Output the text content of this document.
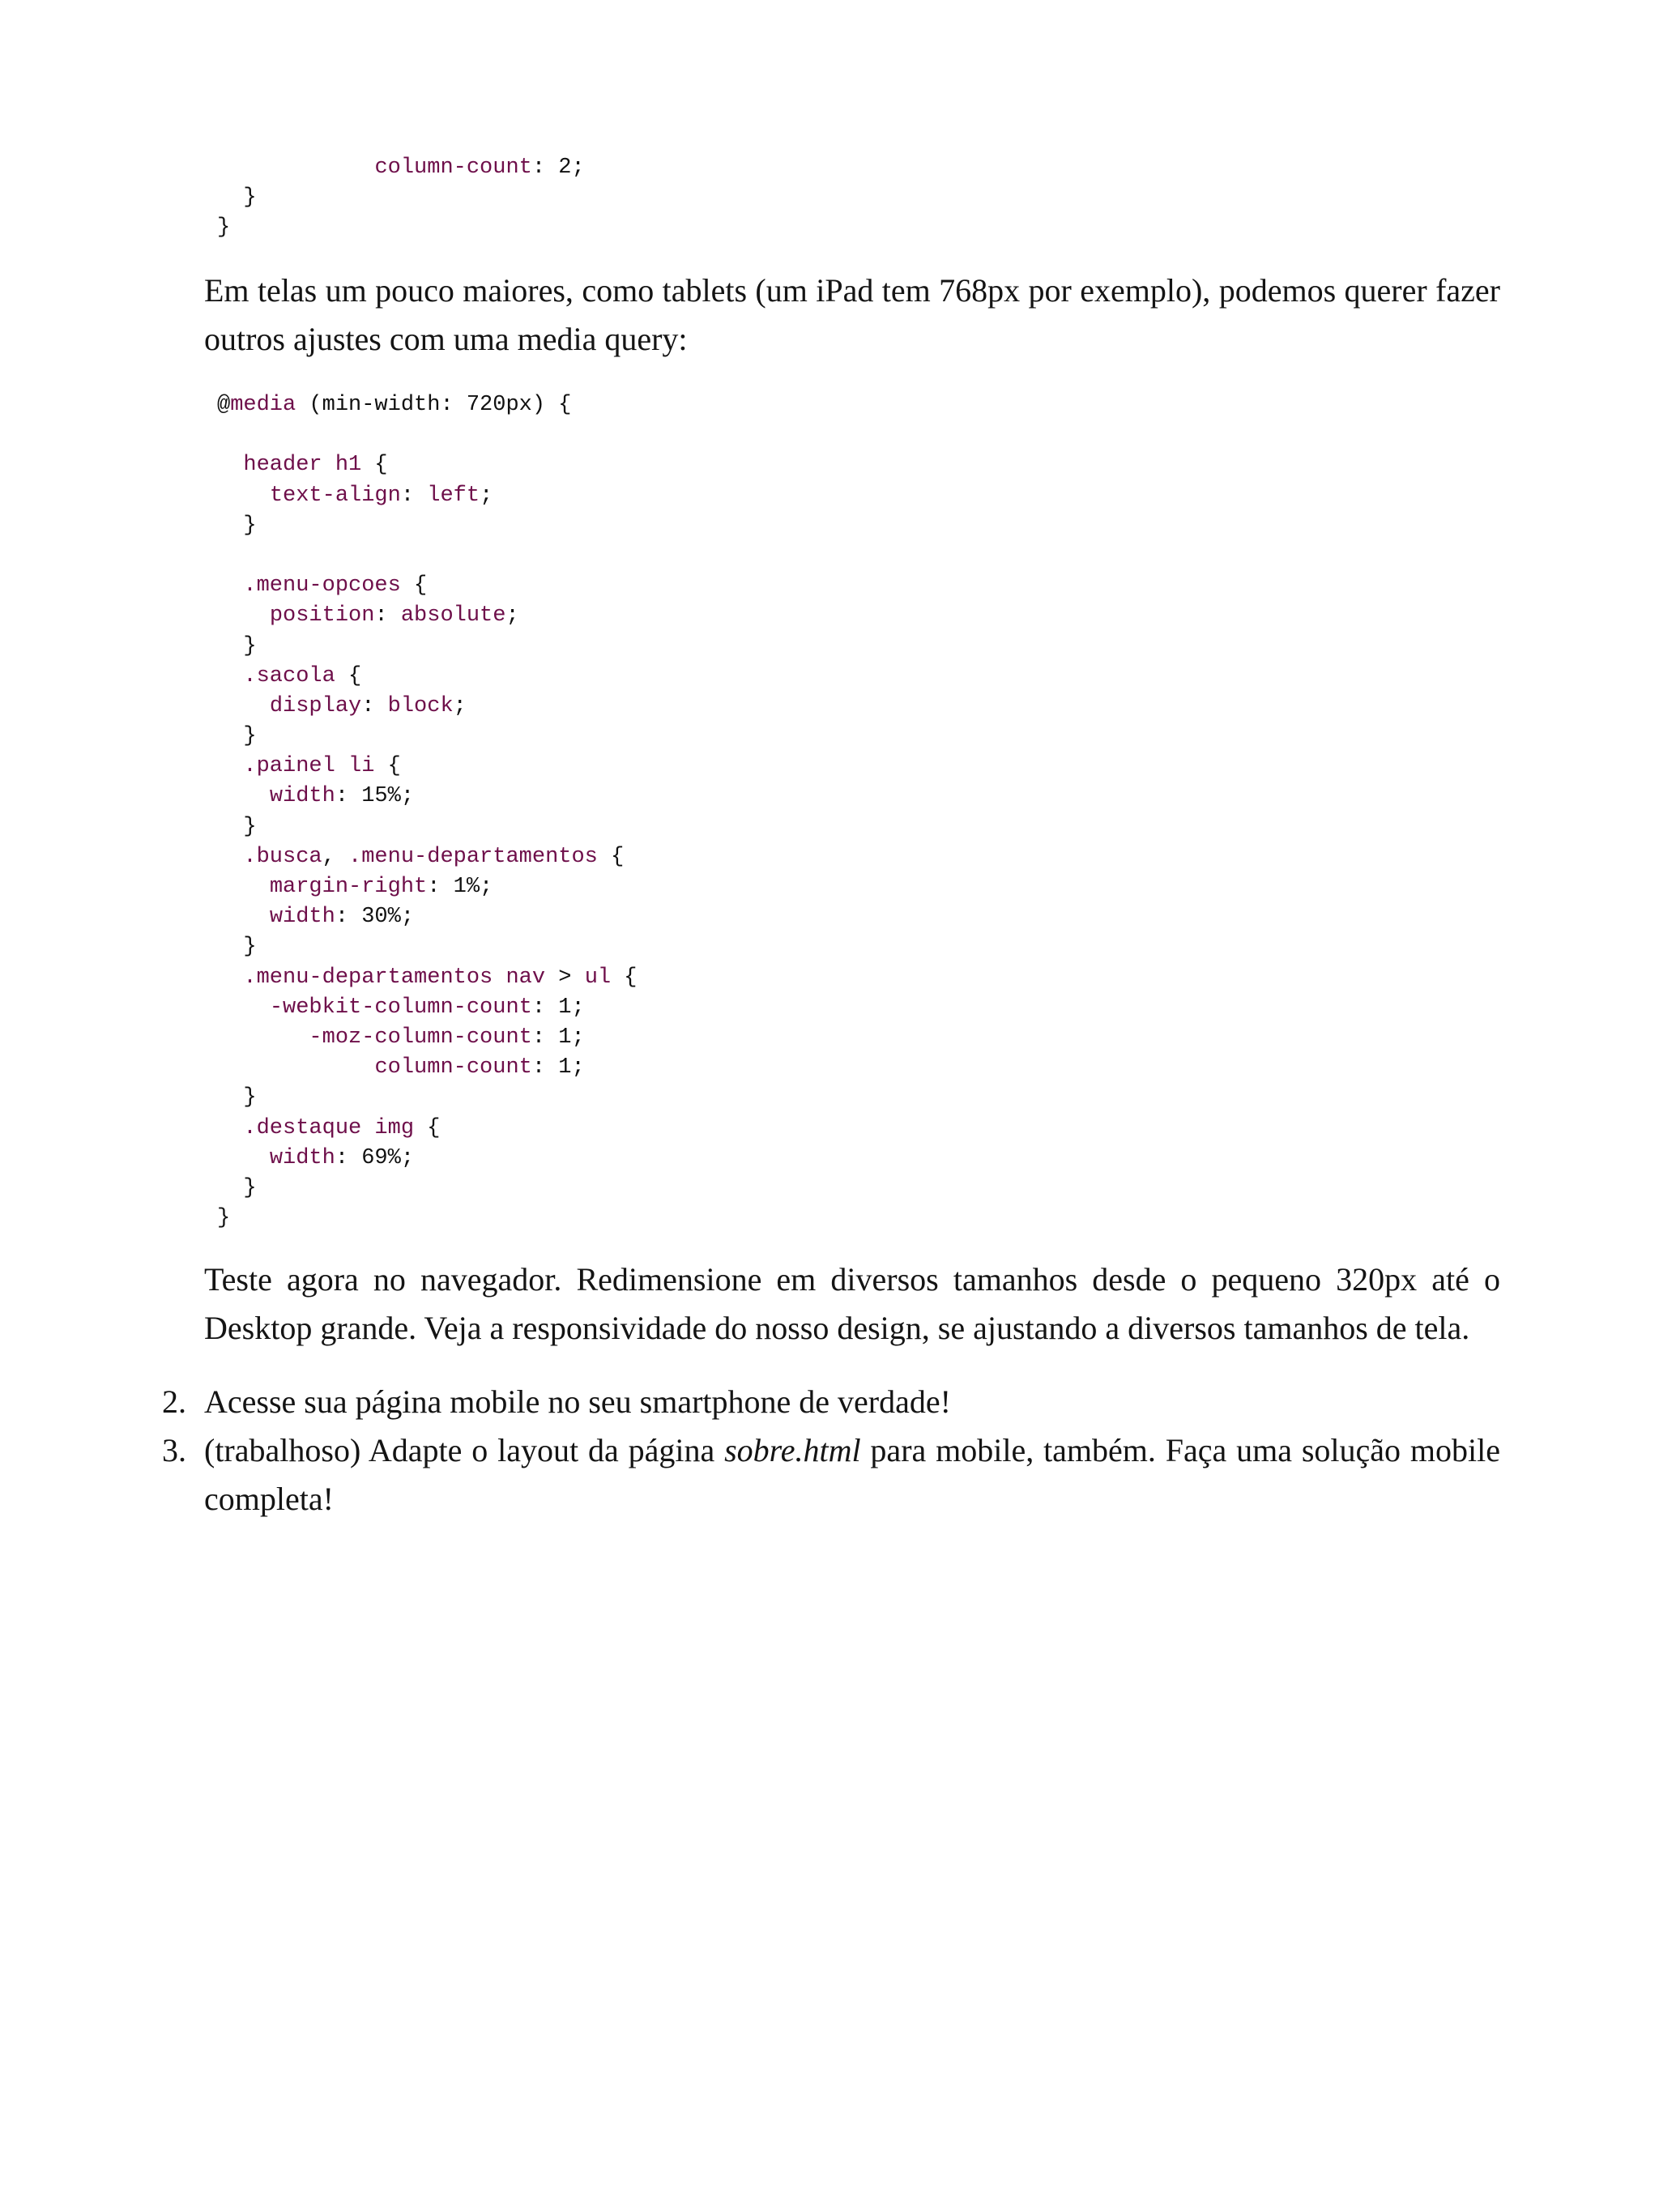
column-count: 2;
}
}

Em telas um pouco maiores, como tablets (um iPad tem 768px por exemplo), podemos querer fazer outros ajustes com uma media query:

@media (min-width: 720px) {
header h1 {
text-align: left;
}
.menu-opcoes {
position: absolute;
}
.sacola {
display: block;
}
.painel li {
width: 15%;
}
.busca, .menu-departamentos {
margin-right: 1%;
width: 30%;
}
.menu-departamentos nav > ul {
-webkit-column-count: 1;
-moz-column-count: 1;
column-count: 1;
}
.destaque img {
width: 69%;
}
}

Teste agora no navegador. Redimensione em diversos tamanhos desde o pequeno 320px até o Desktop grande. Veja a responsividade do nosso design, se ajustando a diversos tamanhos de tela.

2. Acesse sua página mobile no seu smartphone de verdade!
3. (trabalhoso) Adapte o layout da página sobre.html para mobile, também. Faça uma solução mobile completa!
